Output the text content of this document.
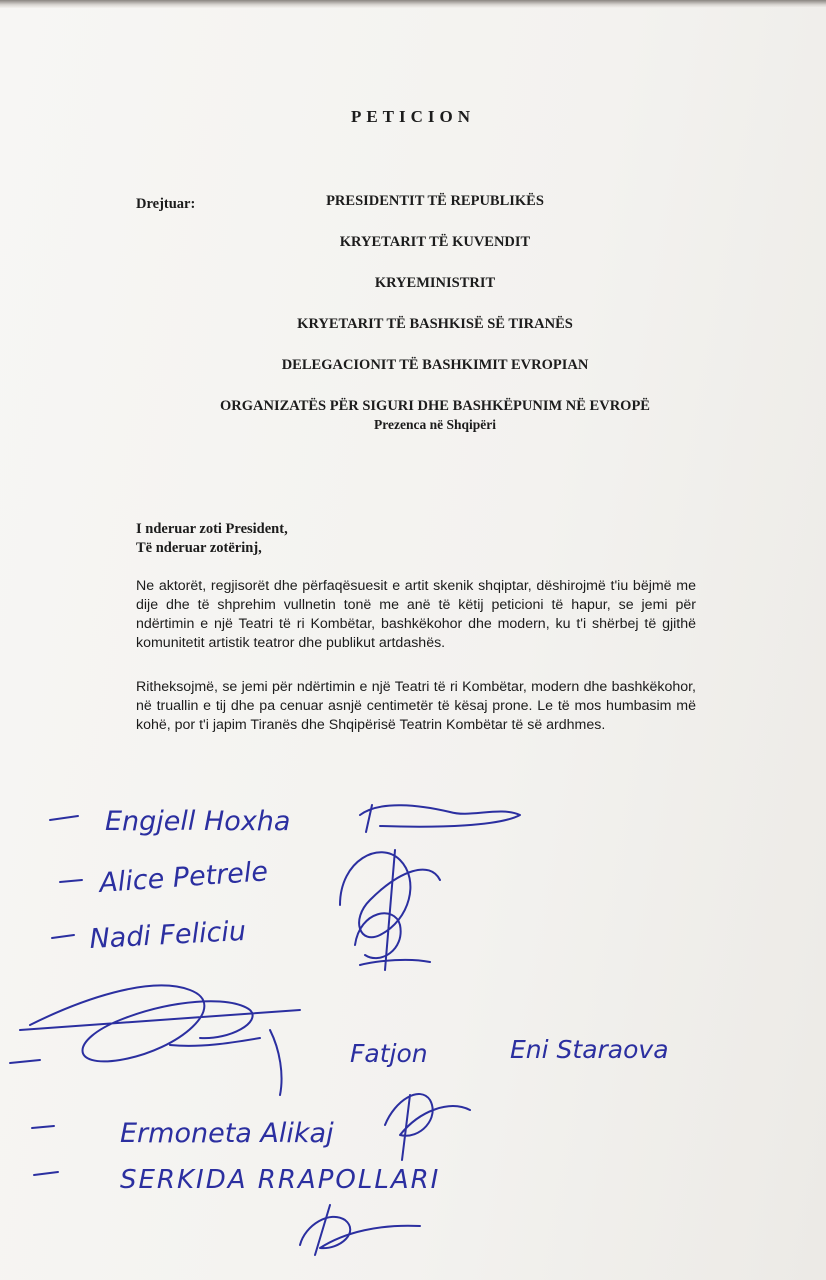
PETICION
Drejtuar:	PRESIDENTIT TË REPUBLIKËS
KRYETARIT TË KUVENDIT
KRYEMINISTRIT
KRYETARIT TË BASHKISË SË TIRANËS
DELEGACIONIT TË BASHKIMIT EVROPIAN
ORGANIZATËS PËR SIGURI DHE BASHKËPUNIM NË EVROPË
Prezenca në Shqipëri
I nderuar zoti President,
Të nderuar zotërinj,
Ne aktorët, regjisorët dhe përfaqësuesit e artit skenik shqiptar, dëshirojmë t'iu bëjmë me dije dhe të shprehim vullnetin tonë me anë të këtij peticioni të hapur, se jemi për ndërtimin e një Teatri të ri Kombëtar, bashkëkohor dhe modern, ku t'i shërbej të gjithë komunitetit artistik teatror dhe publikut artdashës.
Ritheksojmë, se jemi për ndërtimin e një Teatri të ri Kombëtar, modern dhe bashkëkohor, në truallin e tij dhe pa cenuar asnjë centimetër të kësaj prone. Le të mos humbasim më kohë, por t'i japim Tiranës dhe Shqipërisë Teatrin Kombëtar të së ardhmes.
Engjell Hoxha
Alice Petrele
Nadi Feliciu
Fatjon	Eni Staraova
Ermoneta Alikaj
SERKIDA RRAPOLLARI
